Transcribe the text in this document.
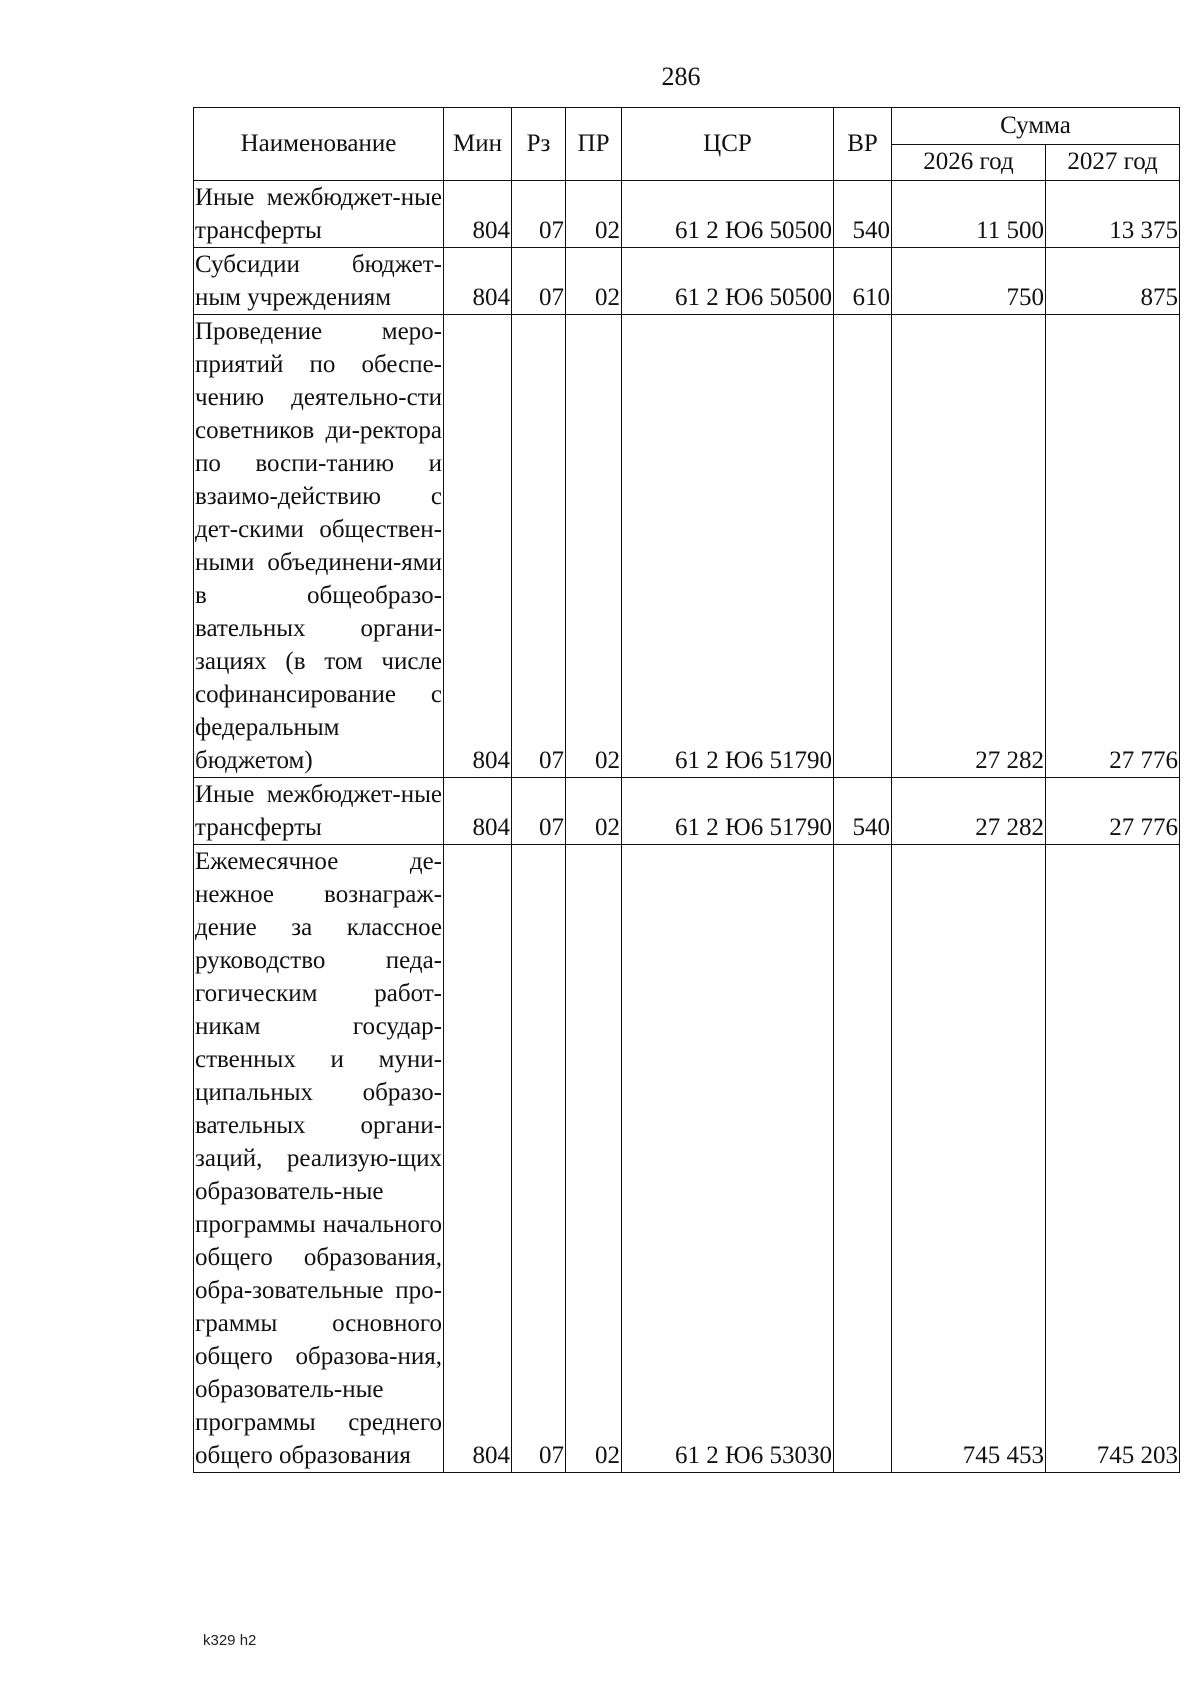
286
Наименование	Мин	Рз	ПР	ЦСР	ВР	Сумма	
						2026 год	2027 год
Иные межбюджет-ные трансферты	804	07	02	61 2 Ю6 50500	540	11 500	13 375
Субсидии бюджет-ным учреждениям	804	07	02	61 2 Ю6 50500	610	750	875
Проведение меро-приятий по обеспе-чению деятельно-сти советников ди-ректора по воспи-танию и взаимо-действию с дет-скими обществен-ными объединени-ями в общеобразо-вательных органи-зациях (в том числе софинансирование с федеральным бюджетом)	804	07	02	61 2 Ю6 51790		27 282	27 776
Иные межбюджет-ные трансферты	804	07	02	61 2 Ю6 51790	540	27 282	27 776
Ежемесячное де-нежное вознаграж-дение за классное руководство педа-гогическим работ-никам государ-ственных и муни-ципальных образо-вательных органи-заций, реализую-щих образователь-ные программы начального общего образования, обра-зовательные про-граммы основного общего образова-ния, образователь-ные программы среднего общего образования	804	07	02	61 2 Ю6 53030		745 453	745 203
k329 h2
